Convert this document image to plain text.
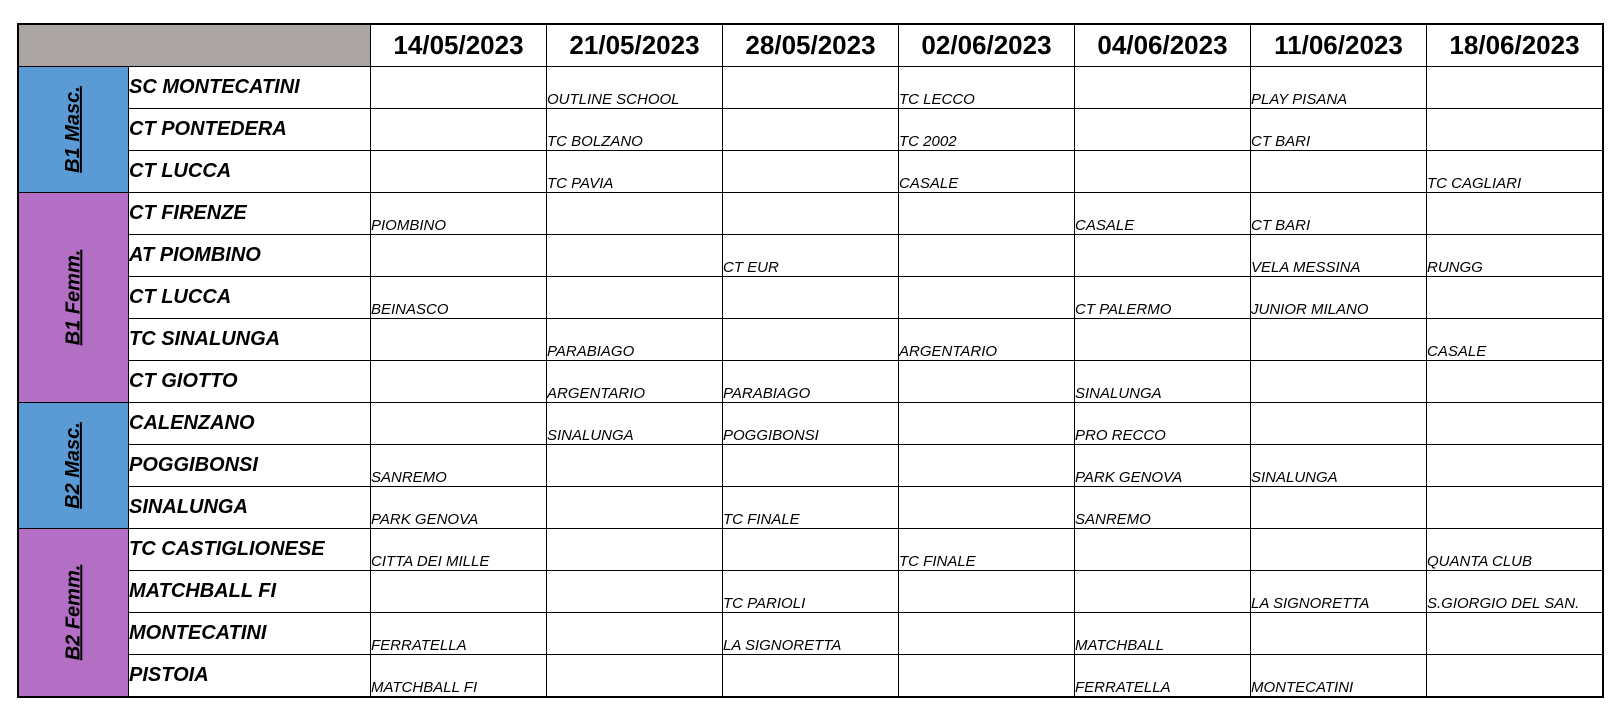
		14/05/2023	21/05/2023	28/05/2023	02/06/2023	04/06/2023	11/06/2023	18/06/2023
B1 Masc.	SC MONTECATINI		OUTLINE SCHOOL		TC LECCO		PLAY PISANA	
	CT PONTEDERA		TC BOLZANO		TC 2002		CT BARI	
	CT LUCCA		TC PAVIA		CASALE			TC CAGLIARI
B1 Femm.	CT FIRENZE	PIOMBINO				CASALE	CT BARI	
	AT PIOMBINO			CT EUR			VELA MESSINA	RUNGG
	CT LUCCA	BEINASCO				CT PALERMO	JUNIOR MILANO	
	TC SINALUNGA		PARABIAGO		ARGENTARIO			CASALE
	CT GIOTTO		ARGENTARIO	PARABIAGO		SINALUNGA		
B2 Masc.	CALENZANO		SINALUNGA	POGGIBONSI		PRO RECCO		
	POGGIBONSI	SANREMO				PARK GENOVA	SINALUNGA	
	SINALUNGA	PARK GENOVA		TC FINALE		SANREMO		
B2 Femm.	TC CASTIGLIONESE	CITTA DEI MILLE			TC FINALE			QUANTA CLUB
	MATCHBALL FI			TC PARIOLI			LA SIGNORETTA	S.GIORGIO DEL SAN.
	MONTECATINI	FERRATELLA		LA SIGNORETTA		MATCHBALL		
	PISTOIA	MATCHBALL FI				FERRATELLA	MONTECATINI	
